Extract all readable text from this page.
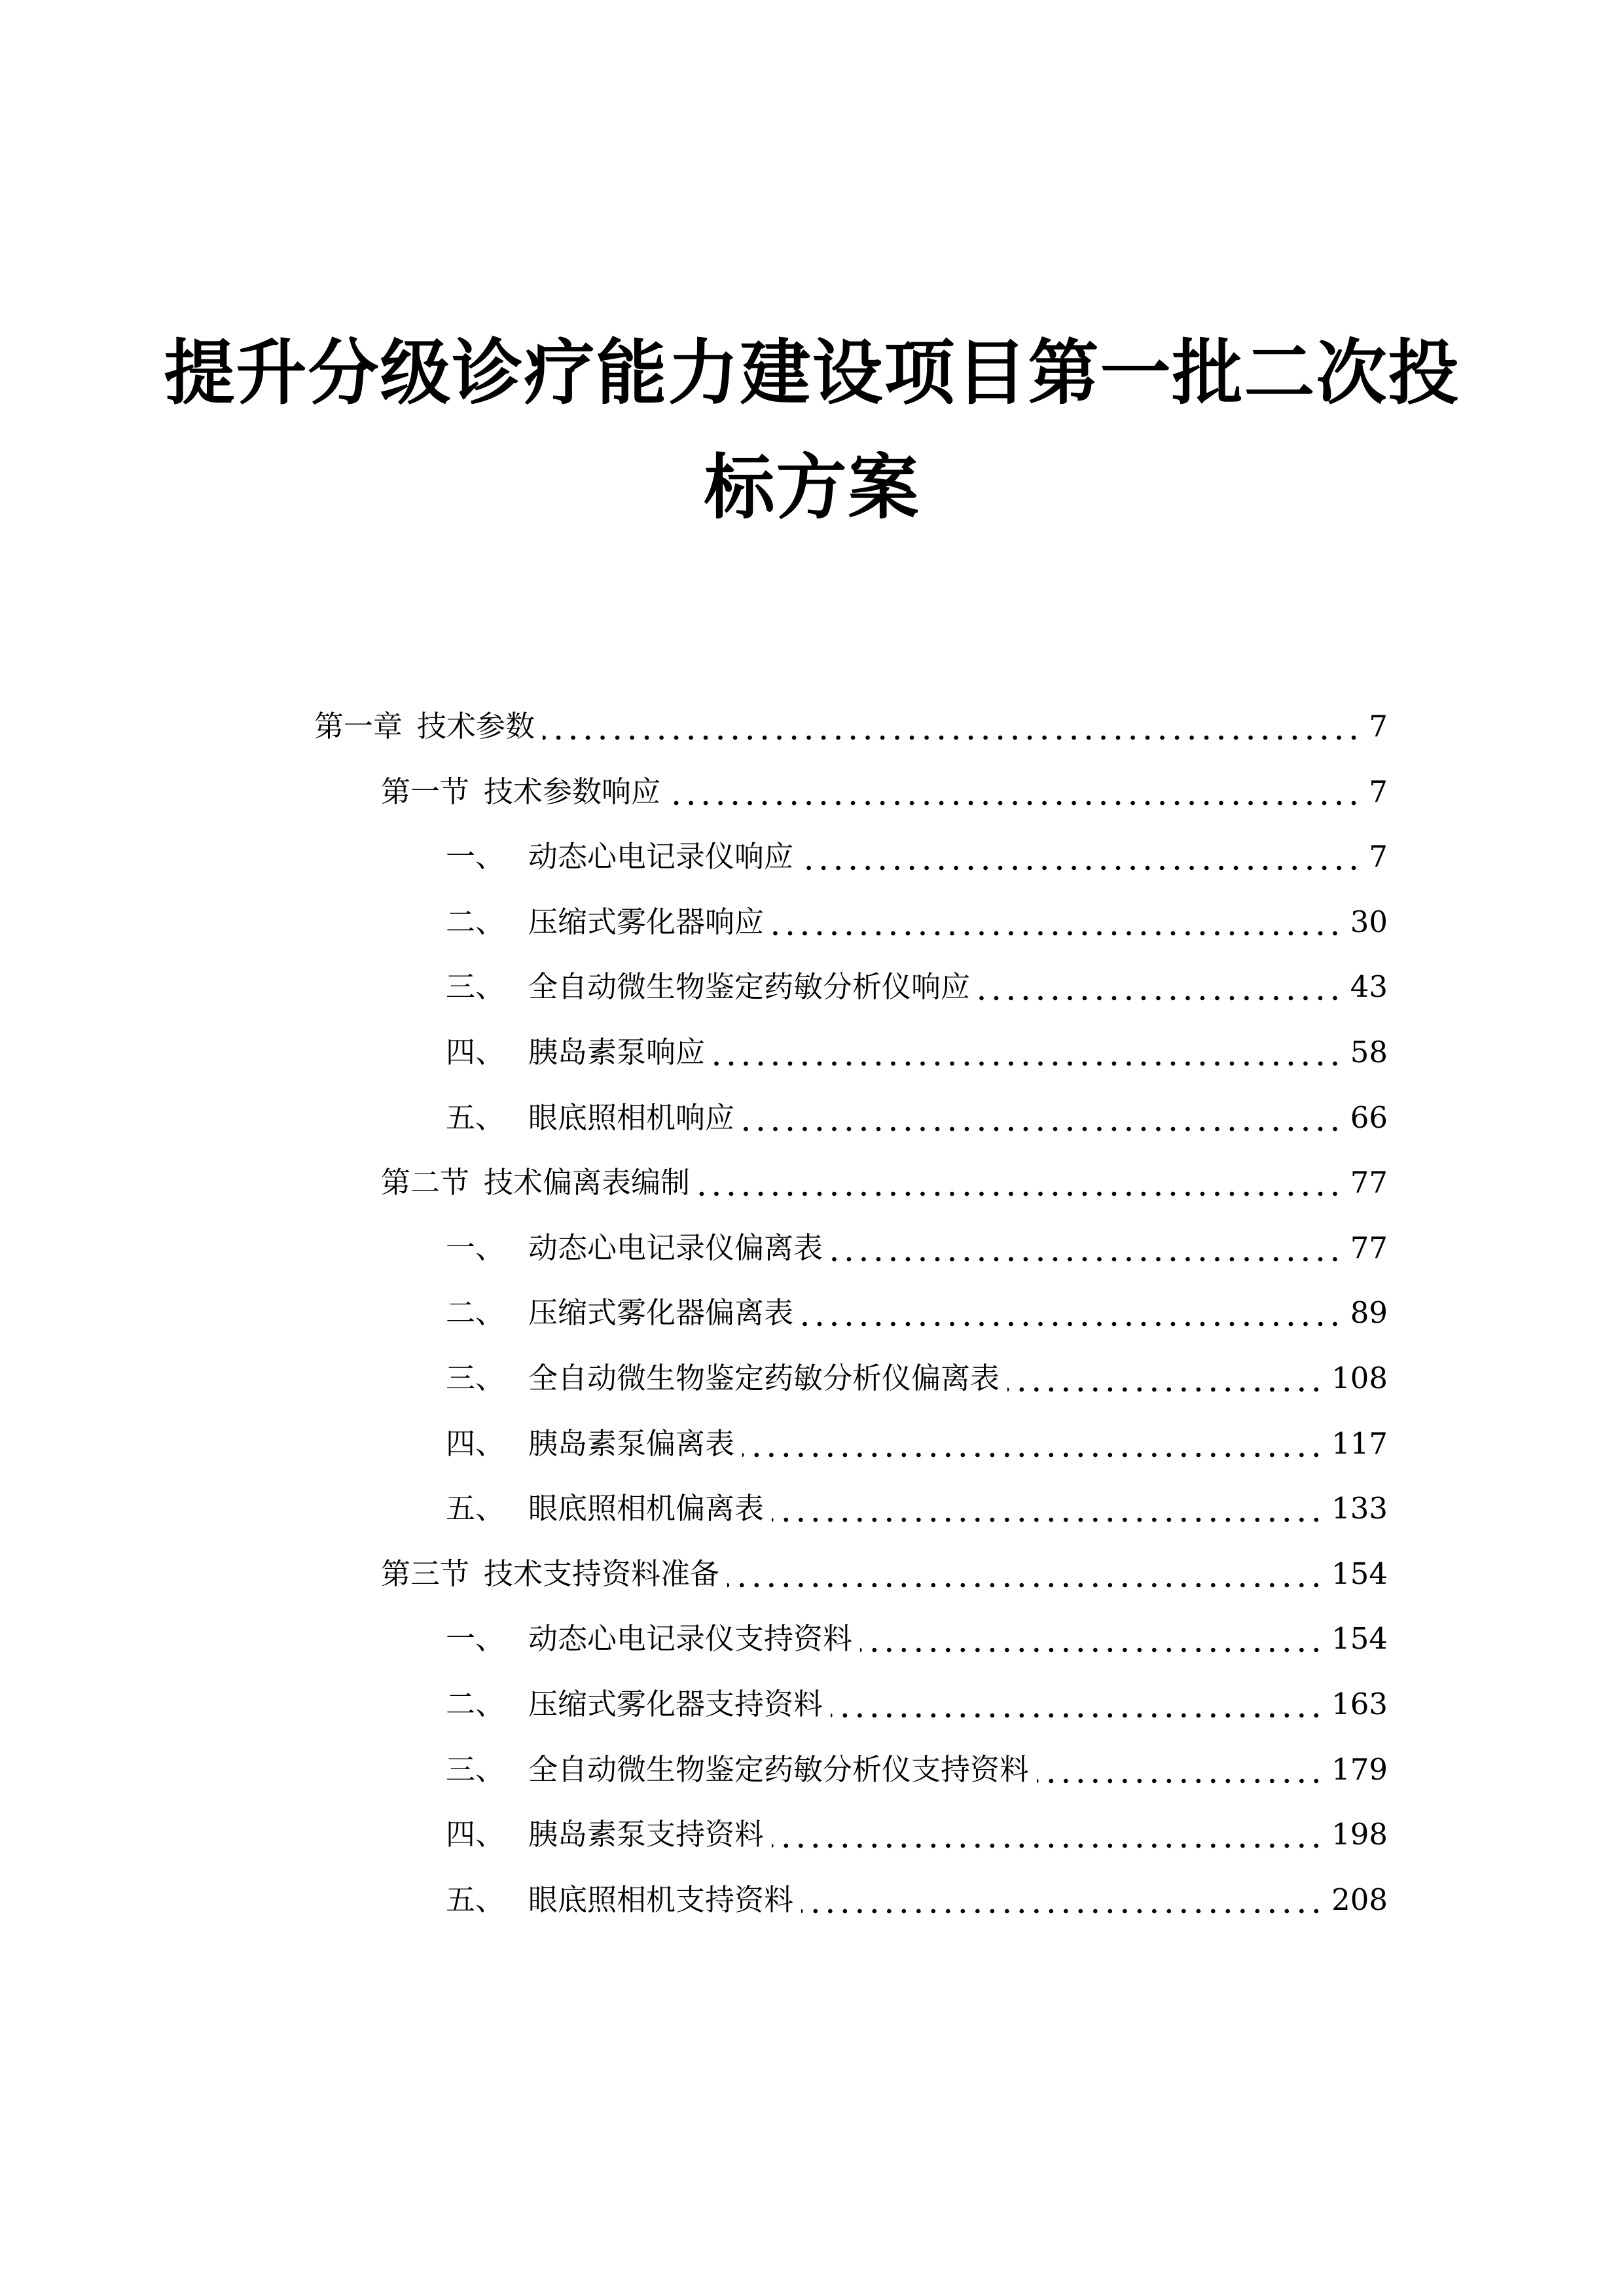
提升分级诊疗能力建设项目第一批二次投
标方案
第一章 技术参数	7
第一节 技术参数响应	7
一、 动态心电记录仪响应	7
二、 压缩式雾化器响应	30
三、 全自动微生物鉴定药敏分析仪响应	43
四、 胰岛素泵响应	58
五、 眼底照相机响应	66
第二节 技术偏离表编制	77
一、 动态心电记录仪偏离表	77
二、 压缩式雾化器偏离表	89
三、 全自动微生物鉴定药敏分析仪偏离表	108
四、 胰岛素泵偏离表	117
五、 眼底照相机偏离表	133
第三节 技术支持资料准备	154
一、 动态心电记录仪支持资料	154
二、 压缩式雾化器支持资料	163
三、 全自动微生物鉴定药敏分析仪支持资料	179
四、 胰岛素泵支持资料	198
五、 眼底照相机支持资料	208
